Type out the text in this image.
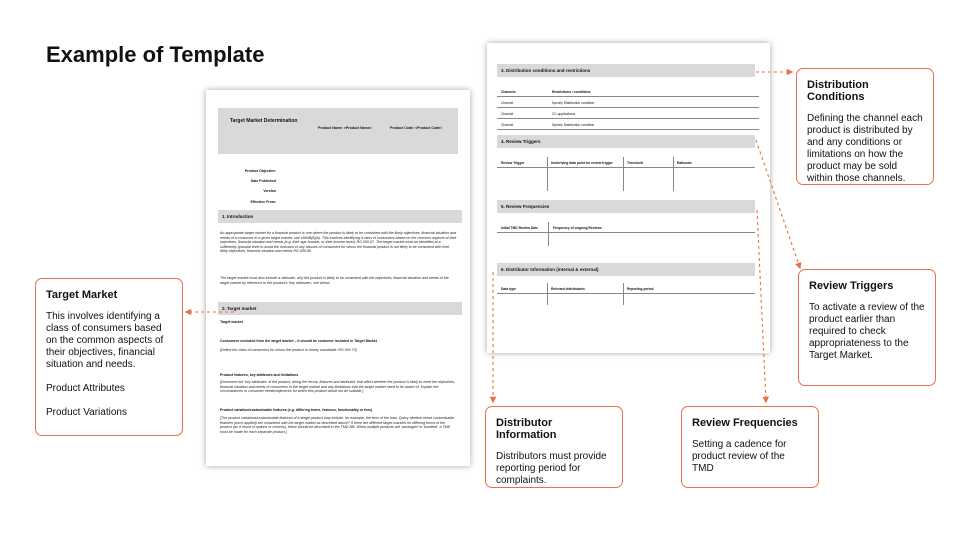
Example of Template
Target Market Determination
Product Name: <Product Name>	Product Code: <Product Code>
Product Objective:
Date Published
Version
Effective From:
1. Introduction
An appropriate target market for a financial product is one where the product is likely to be consistent with the likely objectives, financial situation and needs of a consumer in a given target market: see s994B(8)(b). This involves identifying a class of consumers based on the common aspects of their objectives, financial situation and needs (e.g. their age bracket, or their income level): RG 000.67. The target market must be identified at a sufficiently granular level to avoid the inclusion of any classes of consumers for whom the financial product is not likely to be consistent with their likely objectives, financial situation and needs RG 000.88.
The target market must also include a rationale, why the product is likely to be consistent with the objectives, financial situation and needs of the target market by reference to the product's 'key attributes', see below.
2. Target market
Target market
Consumers excluded from the target market – it should be customer included in Target Market
[Define the class of consumers for whom the product is clearly unsuitable: RG 000.73]
Product features, key attributes and limitations
[Document the 'key attributes' of the product, being the 'terms, features and attributes' that affect whether the product is likely to meet the objectives, financial situation and needs of consumers in the target market and any limitations that the target market need to be aware of. Explain the circumstances or consumer needs/objectives for which this product would not be suitable.]
Product variation/customisable features (e.g. differing terms, features, functionality or fees)
[The product variations/customisable features of a single product may include, for example, the term of the loan. Query whether these customisable features (once applied) are consistent with the target market as described above? If there are different target markets for differing forms of the product (as a result of options or choices), these should be described in the TMD NB. When multiple products are 'packaged' or 'bundled', a TMD must be made for each separate product.]
3. Distribution conditions and restrictions
Channels	Restrictions / conditions
Channel	Specify Distribution condition
Channel	CC applications
Channel	Specify Distribution condition
4. Review Triggers
Review Trigger	Underlying data point for review trigger	Threshold	Rationale
5. Review Frequencies
Initial TMD Review Date	Frequency of ongoing Reviews
6. Distributor Information (internal & external)
Data type	Relevant distributor/s	Reporting period
Target Market

This involves identifying a class of consumers based on the common aspects of their objectives, financial situation and needs.

Product Attributes

Product Variations

Distribution Conditions

Defining the channel each product is distributed by and any conditions or limitations on how the product may be sold within those channels.

Review Triggers

To activate a review of the product earlier than required to check appropriateness to the Target Market.

Distributor Information

Distributors must provide reporting period for complaints.

Review Frequencies

Setting a cadence for product review of the TMD
